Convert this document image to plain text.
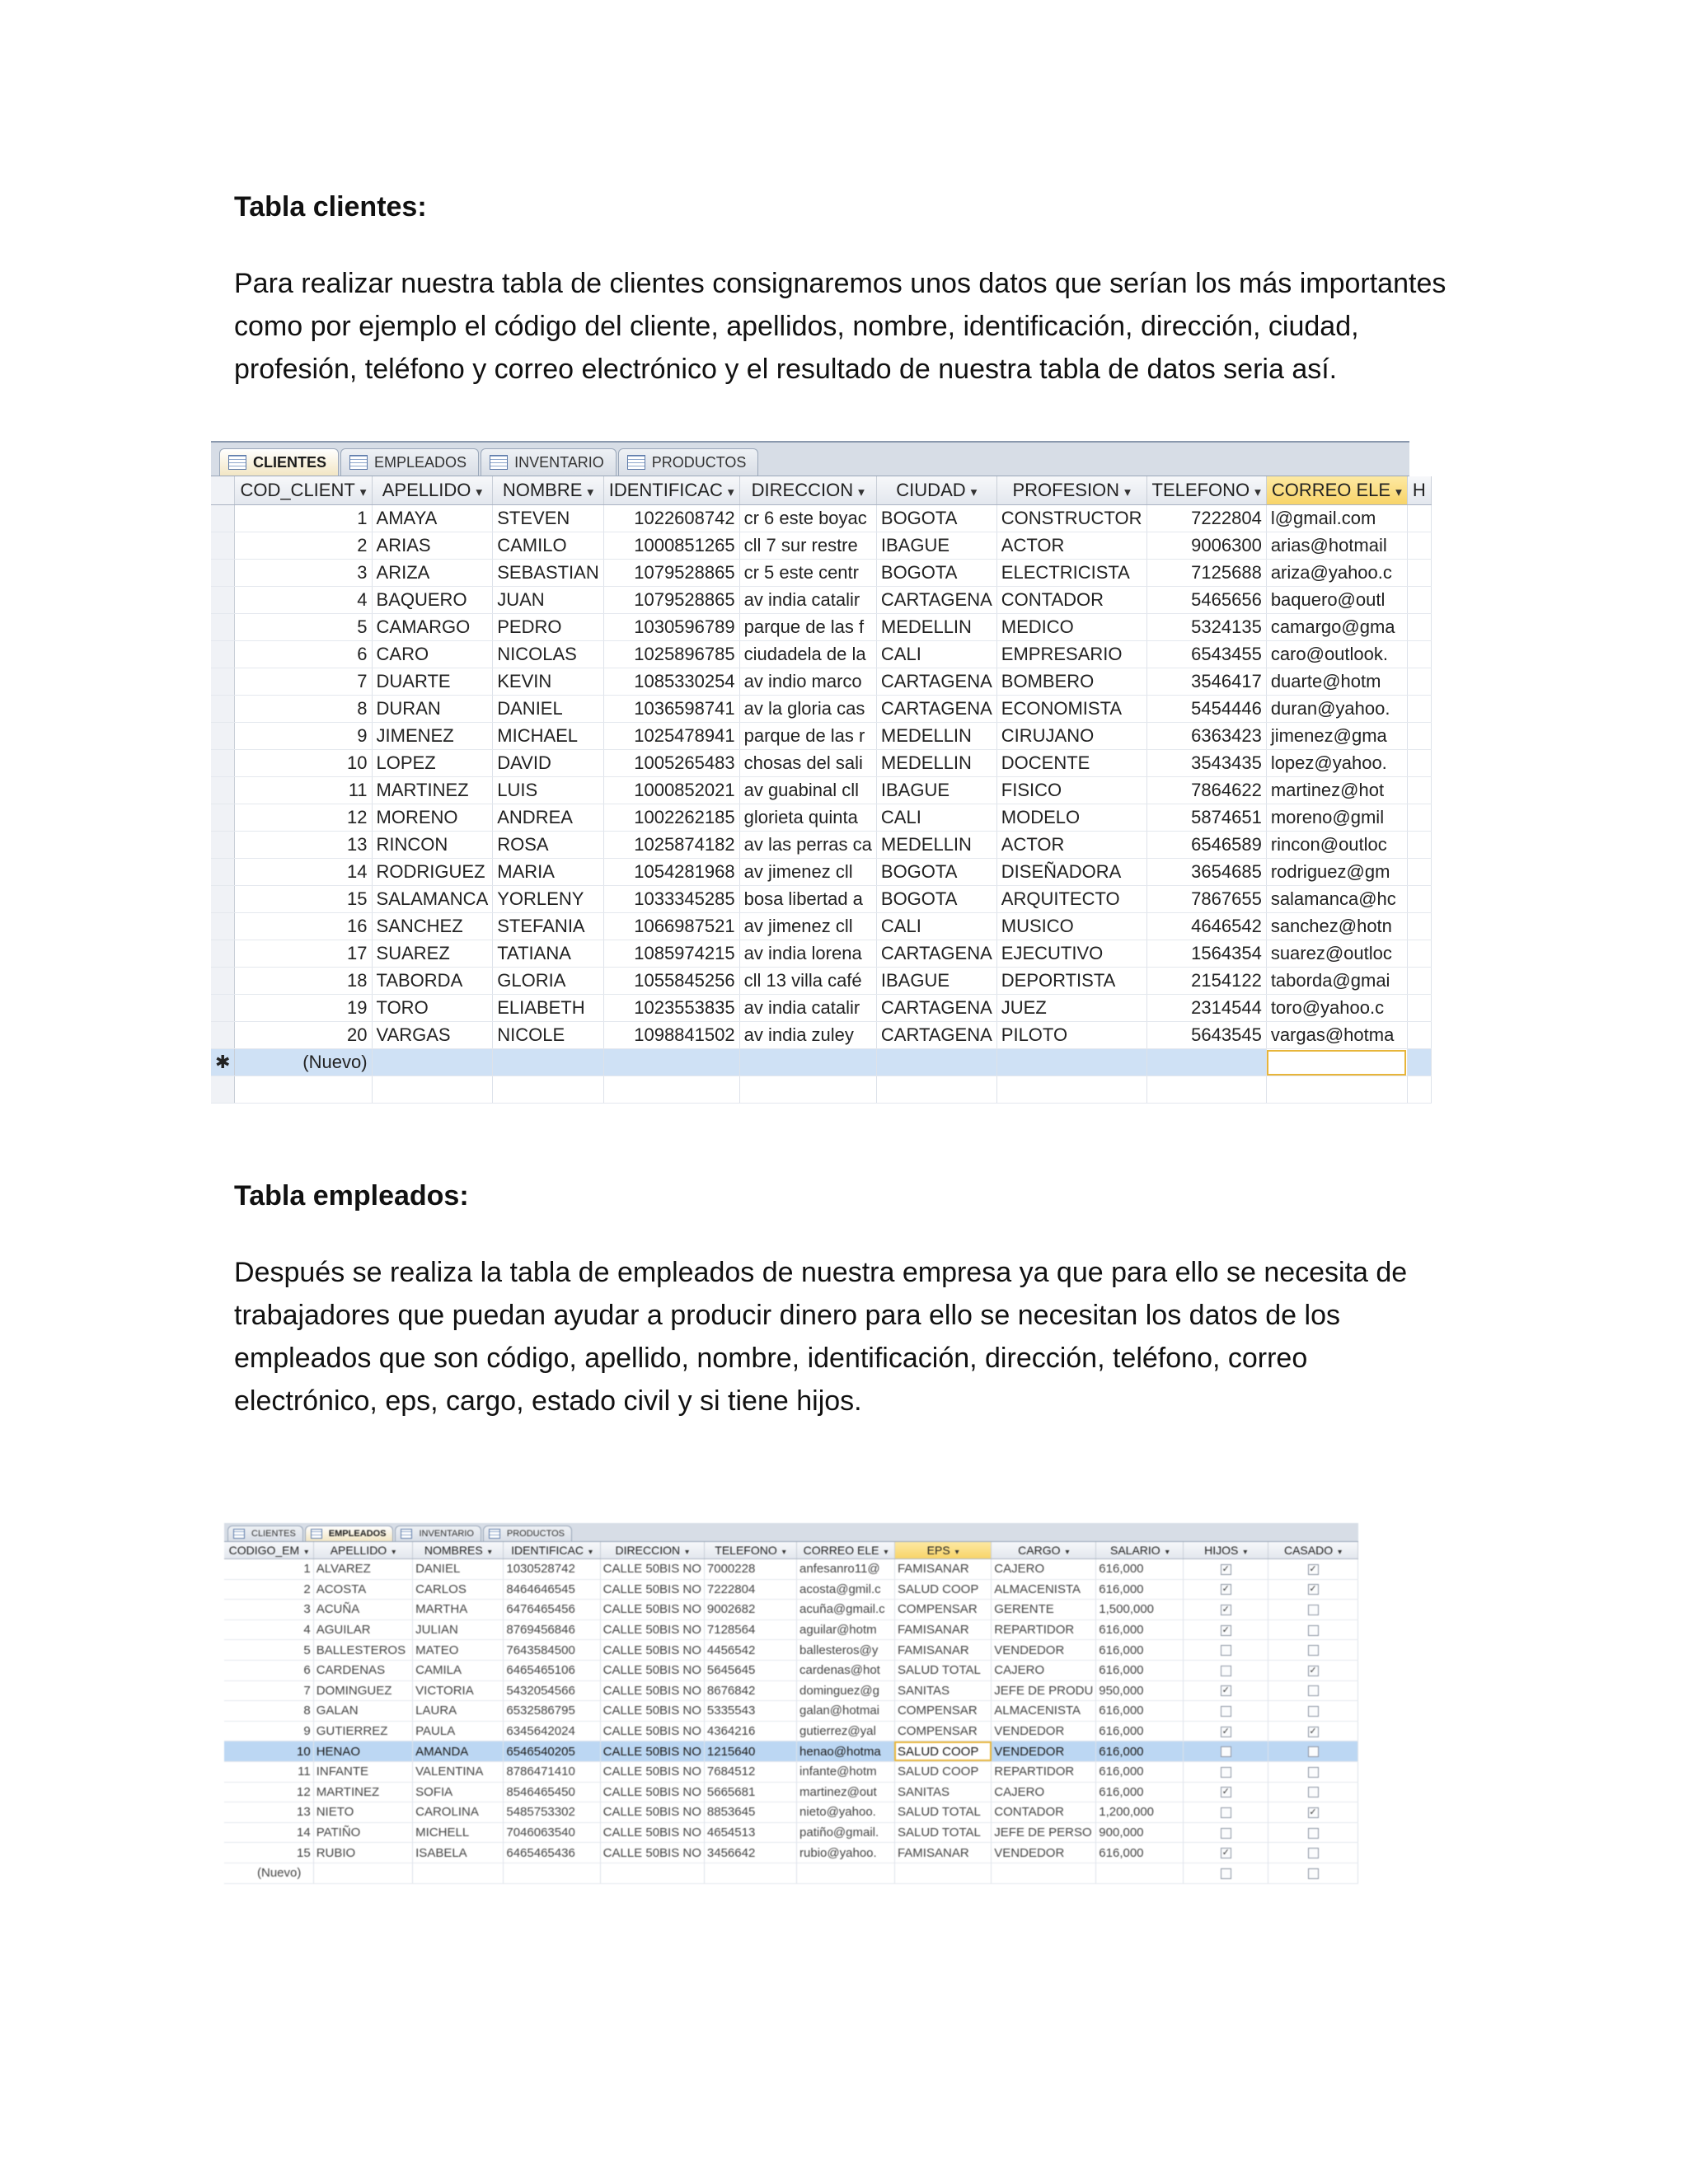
Tabla clientes:

Para realizar nuestra tabla de clientes consignaremos unos datos que serían los más importantes como por ejemplo el código del cliente, apellidos, nombre, identificación, dirección, ciudad, profesión, teléfono y correo electrónico y el resultado de nuestra tabla de datos seria así.

CLIENTES	EMPLEADOS	INVENTARIO	PRODUCTOS
	COD_CLIENT ▾	APELLIDO ▾	NOMBRE ▾	IDENTIFICAC ▾	DIRECCION ▾	CIUDAD ▾	PROFESION ▾	TELEFONO ▾	CORREO ELE ▾	H
	1	AMAYA	STEVEN	1022608742	cr 6 este boyac	BOGOTA	CONSTRUCTOR	7222804	l@gmail.com	
	2	ARIAS	CAMILO	1000851265	cll 7 sur restre	IBAGUE	ACTOR	9006300	arias@hotmail	
	3	ARIZA	SEBASTIAN	1079528865	cr 5 este centr	BOGOTA	ELECTRICISTA	7125688	ariza@yahoo.c	
	4	BAQUERO	JUAN	1079528865	av india catalir	CARTAGENA	CONTADOR	5465656	baquero@outl	
	5	CAMARGO	PEDRO	1030596789	parque de las f	MEDELLIN	MEDICO	5324135	camargo@gma	
	6	CARO	NICOLAS	1025896785	ciudadela de la	CALI	EMPRESARIO	6543455	caro@outlook.	
	7	DUARTE	KEVIN	1085330254	av indio marco	CARTAGENA	BOMBERO	3546417	duarte@hotm	
	8	DURAN	DANIEL	1036598741	av la gloria cas	CARTAGENA	ECONOMISTA	5454446	duran@yahoo.	
	9	JIMENEZ	MICHAEL	1025478941	parque de las r	MEDELLIN	CIRUJANO	6363423	jimenez@gma	
	10	LOPEZ	DAVID	1005265483	chosas del sali	MEDELLIN	DOCENTE	3543435	lopez@yahoo.	
	11	MARTINEZ	LUIS	1000852021	av guabinal cll	IBAGUE	FISICO	7864622	martinez@hot	
	12	MORENO	ANDREA	1002262185	glorieta quinta	CALI	MODELO	5874651	moreno@gmil	
	13	RINCON	ROSA	1025874182	av las perras ca	MEDELLIN	ACTOR	6546589	rincon@outloc	
	14	RODRIGUEZ	MARIA	1054281968	av jimenez cll	BOGOTA	DISEÑADORA	3654685	rodriguez@gm	
	15	SALAMANCA	YORLENY	1033345285	bosa libertad a	BOGOTA	ARQUITECTO	7867655	salamanca@hc	
	16	SANCHEZ	STEFANIA	1066987521	av jimenez cll	CALI	MUSICO	4646542	sanchez@hotn	
	17	SUAREZ	TATIANA	1085974215	av india lorena	CARTAGENA	EJECUTIVO	1564354	suarez@outloc	
	18	TABORDA	GLORIA	1055845256	cll 13 villa café	IBAGUE	DEPORTISTA	2154122	taborda@gmai	
	19	TORO	ELIABETH	1023553835	av india catalir	CARTAGENA	JUEZ	2314544	toro@yahoo.c	
	20	VARGAS	NICOLE	1098841502	av india zuley	CARTAGENA	PILOTO	5643545	vargas@hotma	
✱	(Nuevo)									

Tabla empleados:

Después se realiza la tabla de empleados de nuestra empresa ya que para ello se necesita de trabajadores que puedan ayudar a producir dinero para ello se necesitan los datos de los empleados que son código, apellido, nombre, identificación, dirección, teléfono, correo electrónico, eps, cargo, estado civil y si tiene hijos.

CLIENTES	EMPLEADOS	INVENTARIO	PRODUCTOS
CODIGO_EM ▾	APELLIDO ▾	NOMBRES ▾	IDENTIFICAC ▾	DIRECCION ▾	TELEFONO ▾	CORREO ELE ▾	EPS ▾	CARGO ▾	SALARIO ▾	HIJOS ▾	CASADO ▾
1	ALVAREZ	DANIEL	1030528742	CALLE 50BIS NO	7000228	anfesanro11@	FAMISANAR	CAJERO	616,000	✓	✓
2	ACOSTA	CARLOS	8464646545	CALLE 50BIS NO	7222804	acosta@gmil.c	SALUD COOP	ALMACENISTA	616,000	✓	✓
3	ACUÑA	MARTHA	6476465456	CALLE 50BIS NO	9002682	acuña@gmail.c	COMPENSAR	GERENTE	1,500,000	✓	
4	AGUILAR	JULIAN	8769456846	CALLE 50BIS NO	7128564	aguilar@hotm	FAMISANAR	REPARTIDOR	616,000	✓	
5	BALLESTEROS	MATEO	7643584500	CALLE 50BIS NO	4456542	ballesteros@y	FAMISANAR	VENDEDOR	616,000		
6	CARDENAS	CAMILA	6465465106	CALLE 50BIS NO	5645645	cardenas@hot	SALUD TOTAL	CAJERO	616,000		✓
7	DOMINGUEZ	VICTORIA	5432054566	CALLE 50BIS NO	8676842	dominguez@g	SANITAS	JEFE DE PRODU	950,000	✓	
8	GALAN	LAURA	6532586795	CALLE 50BIS NO	5335543	galan@hotmai	COMPENSAR	ALMACENISTA	616,000		
9	GUTIERREZ	PAULA	6345642024	CALLE 50BIS NO	4364216	gutierrez@yal	COMPENSAR	VENDEDOR	616,000	✓	✓
10	HENAO	AMANDA	6546540205	CALLE 50BIS NO	1215640	henao@hotma	SALUD COOP	VENDEDOR	616,000		
11	INFANTE	VALENTINA	8786471410	CALLE 50BIS NO	7684512	infante@hotm	SALUD COOP	REPARTIDOR	616,000		
12	MARTINEZ	SOFIA	8546465450	CALLE 50BIS NO	5665681	martinez@out	SANITAS	CAJERO	616,000	✓	
13	NIETO	CAROLINA	5485753302	CALLE 50BIS NO	8853645	nieto@yahoo.	SALUD TOTAL	CONTADOR	1,200,000		✓
14	PATIÑO	MICHELL	7046063540	CALLE 50BIS NO	4654513	patiño@gmail.	SALUD TOTAL	JEFE DE PERSO	900,000		
15	RUBIO	ISABELA	6465465436	CALLE 50BIS NO	3456642	rubio@yahoo.	FAMISANAR	VENDEDOR	616,000	✓	
(Nuevo)											
